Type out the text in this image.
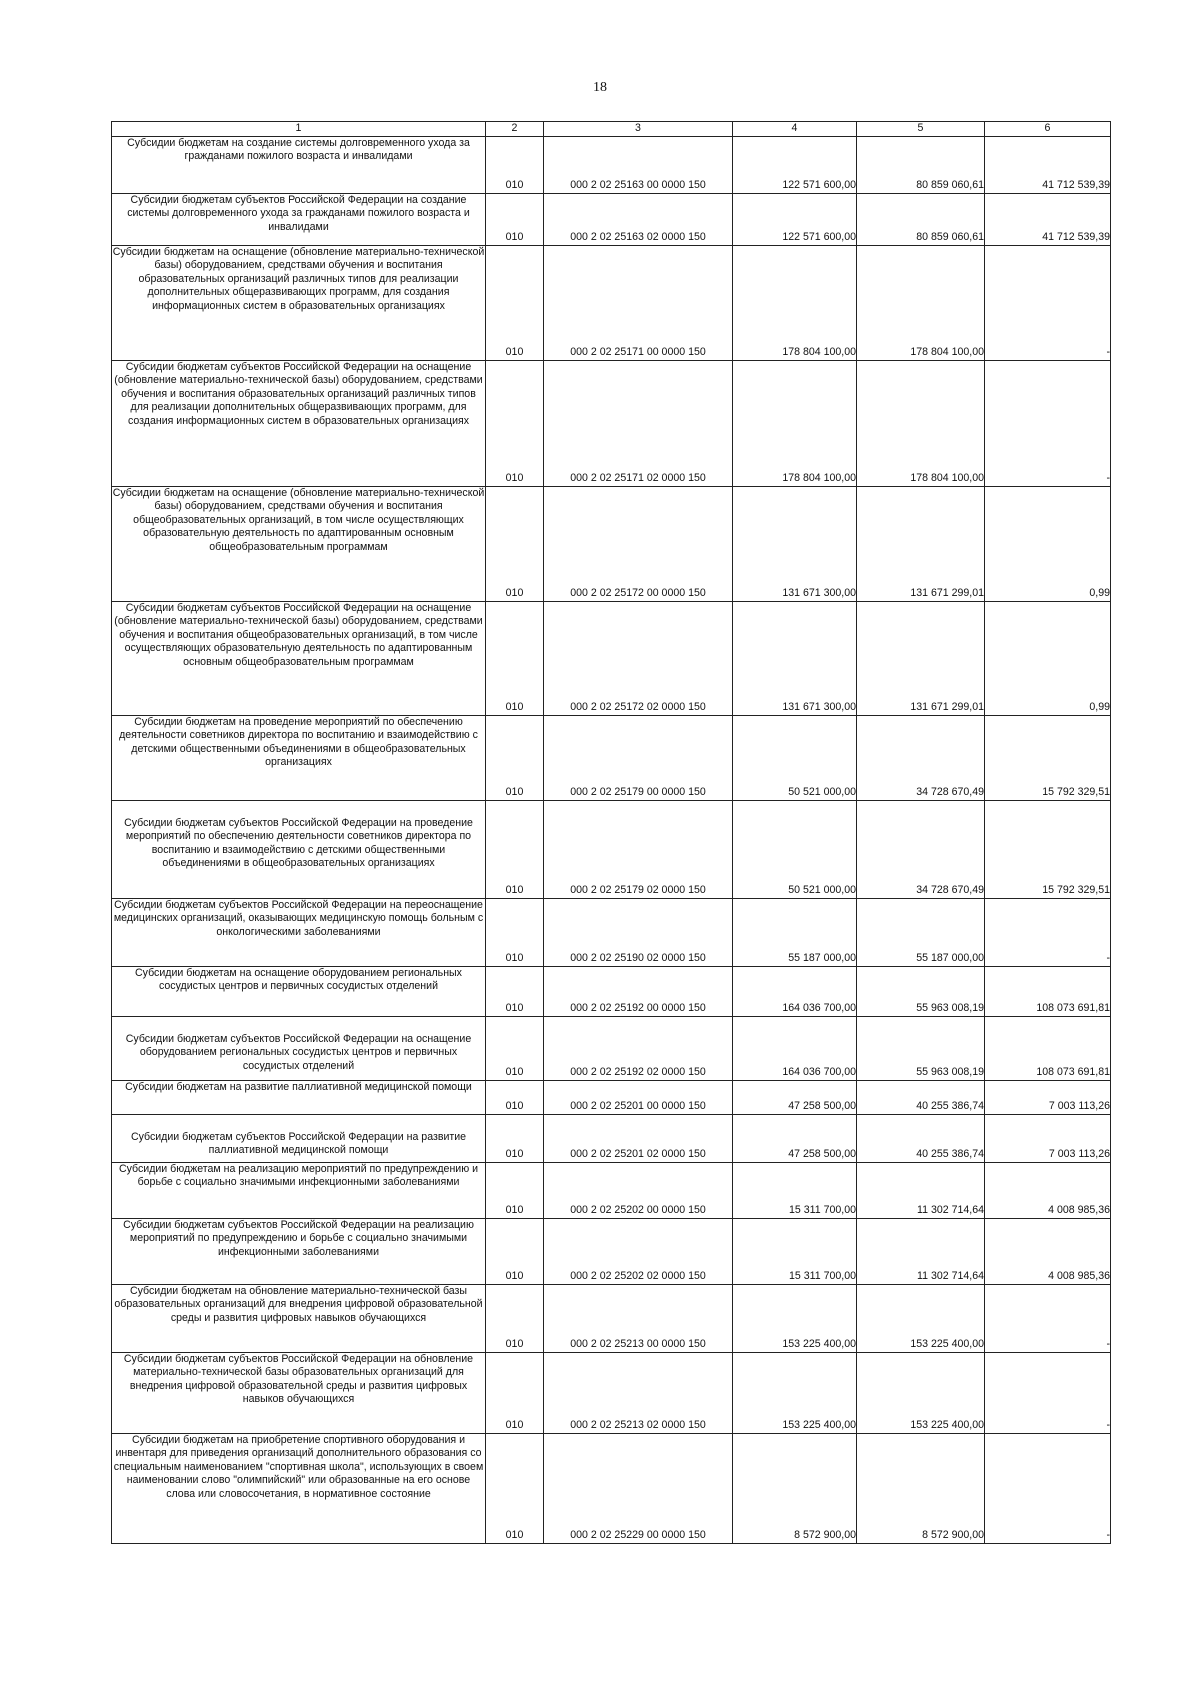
18
1	2	3	4	5	6
Субсидии бюджетам на создание системы долговременного ухода за гражданами пожилого возраста и инвалидами	010	000 2 02 25163 00 0000 150	122 571 600,00	80 859 060,61	41 712 539,39
Субсидии бюджетам субъектов Российской Федерации на создание системы долговременного ухода за гражданами пожилого возраста и инвалидами	010	000 2 02 25163 02 0000 150	122 571 600,00	80 859 060,61	41 712 539,39
Субсидии бюджетам на оснащение (обновление материально-технической базы) оборудованием, средствами обучения и воспитания образовательных организаций различных типов для реализации дополнительных общеразвивающих программ, для создания информационных систем в образовательных организациях	010	000 2 02 25171 00 0000 150	178 804 100,00	178 804 100,00	-
Субсидии бюджетам субъектов Российской Федерации на оснащение (обновление материально-технической базы) оборудованием, средствами обучения и воспитания образовательных организаций различных типов для реализации дополнительных общеразвивающих программ, для создания информационных систем в образовательных организациях	010	000 2 02 25171 02 0000 150	178 804 100,00	178 804 100,00	-
Субсидии бюджетам на оснащение (обновление материально-технической базы) оборудованием, средствами обучения и воспитания общеобразовательных организаций, в том числе осуществляющих образовательную деятельность по адаптированным основным общеобразовательным программам	010	000 2 02 25172 00 0000 150	131 671 300,00	131 671 299,01	0,99
Субсидии бюджетам субъектов Российской Федерации на оснащение (обновление материально-технической базы) оборудованием, средствами обучения и воспитания общеобразовательных организаций, в том числе осуществляющих образовательную деятельность по адаптированным основным общеобразовательным программам	010	000 2 02 25172 02 0000 150	131 671 300,00	131 671 299,01	0,99
Субсидии бюджетам на проведение мероприятий по обеспечению деятельности советников директора по воспитанию и взаимодействию с детскими общественными объединениями в общеобразовательных организациях	010	000 2 02 25179 00 0000 150	50 521 000,00	34 728 670,49	15 792 329,51
Субсидии бюджетам субъектов Российской Федерации на проведение мероприятий по обеспечению деятельности советников директора по воспитанию и взаимодействию с детскими общественными объединениями в общеобразовательных организациях	010	000 2 02 25179 02 0000 150	50 521 000,00	34 728 670,49	15 792 329,51
Субсидии бюджетам субъектов Российской Федерации на переоснащение медицинских организаций, оказывающих медицинскую помощь больным с онкологическими заболеваниями	010	000 2 02 25190 02 0000 150	55 187 000,00	55 187 000,00	-
Субсидии бюджетам на оснащение оборудованием региональных сосудистых центров и первичных сосудистых отделений	010	000 2 02 25192 00 0000 150	164 036 700,00	55 963 008,19	108 073 691,81
Субсидии бюджетам субъектов Российской Федерации на оснащение оборудованием региональных сосудистых центров и первичных сосудистых отделений	010	000 2 02 25192 02 0000 150	164 036 700,00	55 963 008,19	108 073 691,81
Субсидии бюджетам на развитие паллиативной медицинской помощи	010	000 2 02 25201 00 0000 150	47 258 500,00	40 255 386,74	7 003 113,26
Субсидии бюджетам субъектов Российской Федерации на развитие паллиативной медицинской помощи	010	000 2 02 25201 02 0000 150	47 258 500,00	40 255 386,74	7 003 113,26
Субсидии бюджетам на реализацию мероприятий по предупреждению и борьбе с социально значимыми инфекционными заболеваниями	010	000 2 02 25202 00 0000 150	15 311 700,00	11 302 714,64	4 008 985,36
Субсидии бюджетам субъектов Российской Федерации на реализацию мероприятий по предупреждению и борьбе с социально значимыми инфекционными заболеваниями	010	000 2 02 25202 02 0000 150	15 311 700,00	11 302 714,64	4 008 985,36
Субсидии бюджетам на обновление материально-технической базы образовательных организаций для внедрения цифровой образовательной среды и развития цифровых навыков обучающихся	010	000 2 02 25213 00 0000 150	153 225 400,00	153 225 400,00	-
Субсидии бюджетам субъектов Российской Федерации на обновление материально-технической базы образовательных организаций для внедрения цифровой образовательной среды и развития цифровых навыков обучающихся	010	000 2 02 25213 02 0000 150	153 225 400,00	153 225 400,00	-
Субсидии бюджетам на приобретение спортивного оборудования и инвентаря для приведения организаций дополнительного образования со специальным наименованием "спортивная школа", использующих в своем наименовании слово "олимпийский" или образованные на его основе слова или словосочетания, в нормативное состояние	010	000 2 02 25229 00 0000 150	8 572 900,00	8 572 900,00	-
